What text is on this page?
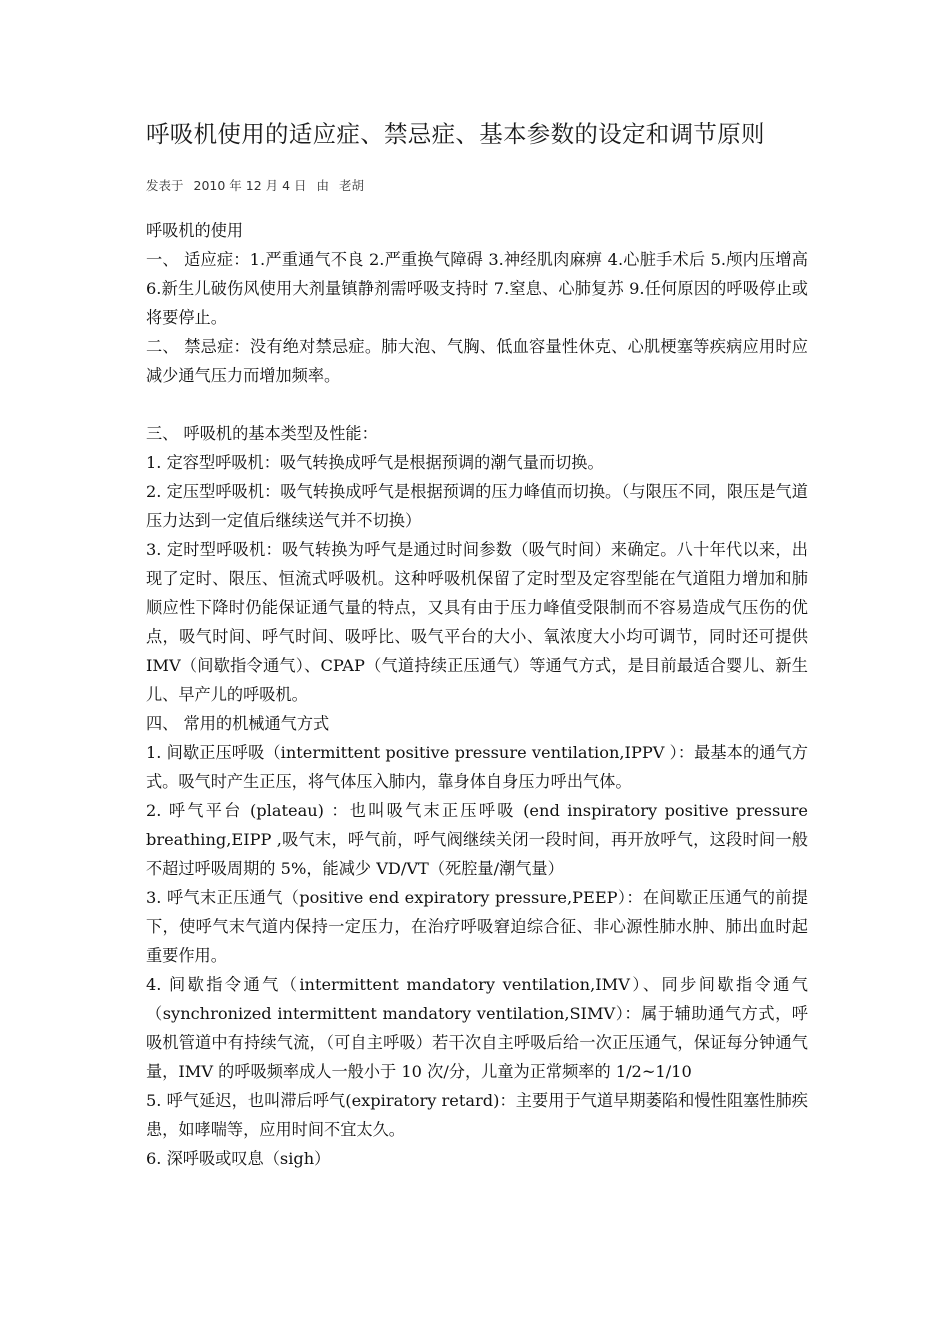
呼吸机使用的适应症、禁忌症、基本参数的设定和调节原则
发表于 2010 年 12 月 4 日 由 老胡

呼吸机的使用

一、 适应症：1.严重通气不良 2.严重换气障碍 3.神经肌肉麻痹 4.心脏手术后 5.颅内压增高 6.新生儿破伤风使用大剂量镇静剂需呼吸支持时 7.窒息、心肺复苏 9.任何原因的呼吸停止或将要停止。

二、 禁忌症：没有绝对禁忌症。肺大泡、气胸、低血容量性休克、心肌梗塞等疾病应用时应减少通气压力而增加频率。

三、 呼吸机的基本类型及性能：

1. 定容型呼吸机：吸气转换成呼气是根据预调的潮气量而切换。

2. 定压型呼吸机：吸气转换成呼气是根据预调的压力峰值而切换。（与限压不同，限压是气道压力达到一定值后继续送气并不切换）

3. 定时型呼吸机：吸气转换为呼气是通过时间参数（吸气时间）来确定。八十年代以来，出现了定时、限压、恒流式呼吸机。这种呼吸机保留了定时型及定容型能在气道阻力增加和肺顺应性下降时仍能保证通气量的特点，又具有由于压力峰值受限制而不容易造成气压伤的优点，吸气时间、呼气时间、吸呼比、吸气平台的大小、氧浓度大小均可调节，同时还可提供 IMV（间歇指令通气）、CPAP（气道持续正压通气）等通气方式，是目前最适合婴儿、新生儿、早产儿的呼吸机。

四、 常用的机械通气方式

1. 间歇正压呼吸（intermittent positive pressure ventilation,IPPV ）：最基本的通气方式。吸气时产生正压，将气体压入肺内，靠身体自身压力呼出气体。

2. 呼气平台 (plateau) ：也叫吸气末正压呼吸 (end inspiratory positive pressure breathing,EIPP ,吸气末，呼气前，呼气阀继续关闭一段时间，再开放呼气，这段时间一般不超过呼吸周期的 5%，能减少 VD/VT（死腔量/潮气量）

3. 呼气末正压通气（positive end expiratory pressure,PEEP）：在间歇正压通气的前提下，使呼气末气道内保持一定压力，在治疗呼吸窘迫综合征、非心源性肺水肿、肺出血时起重要作用。

4. 间歇指令通气（intermittent mandatory ventilation,IMV）、同步间歇指令通气（synchronized intermittent mandatory ventilation,SIMV）：属于辅助通气方式，呼吸机管道中有持续气流，（可自主呼吸）若干次自主呼吸后给一次正压通气，保证每分钟通气量，IMV 的呼吸频率成人一般小于 10 次/分，儿童为正常频率的 1/2~1/10

5. 呼气延迟，也叫滞后呼气(expiratory retard)：主要用于气道早期萎陷和慢性阻塞性肺疾患，如哮喘等，应用时间不宜太久。

6. 深呼吸或叹息（sigh）
